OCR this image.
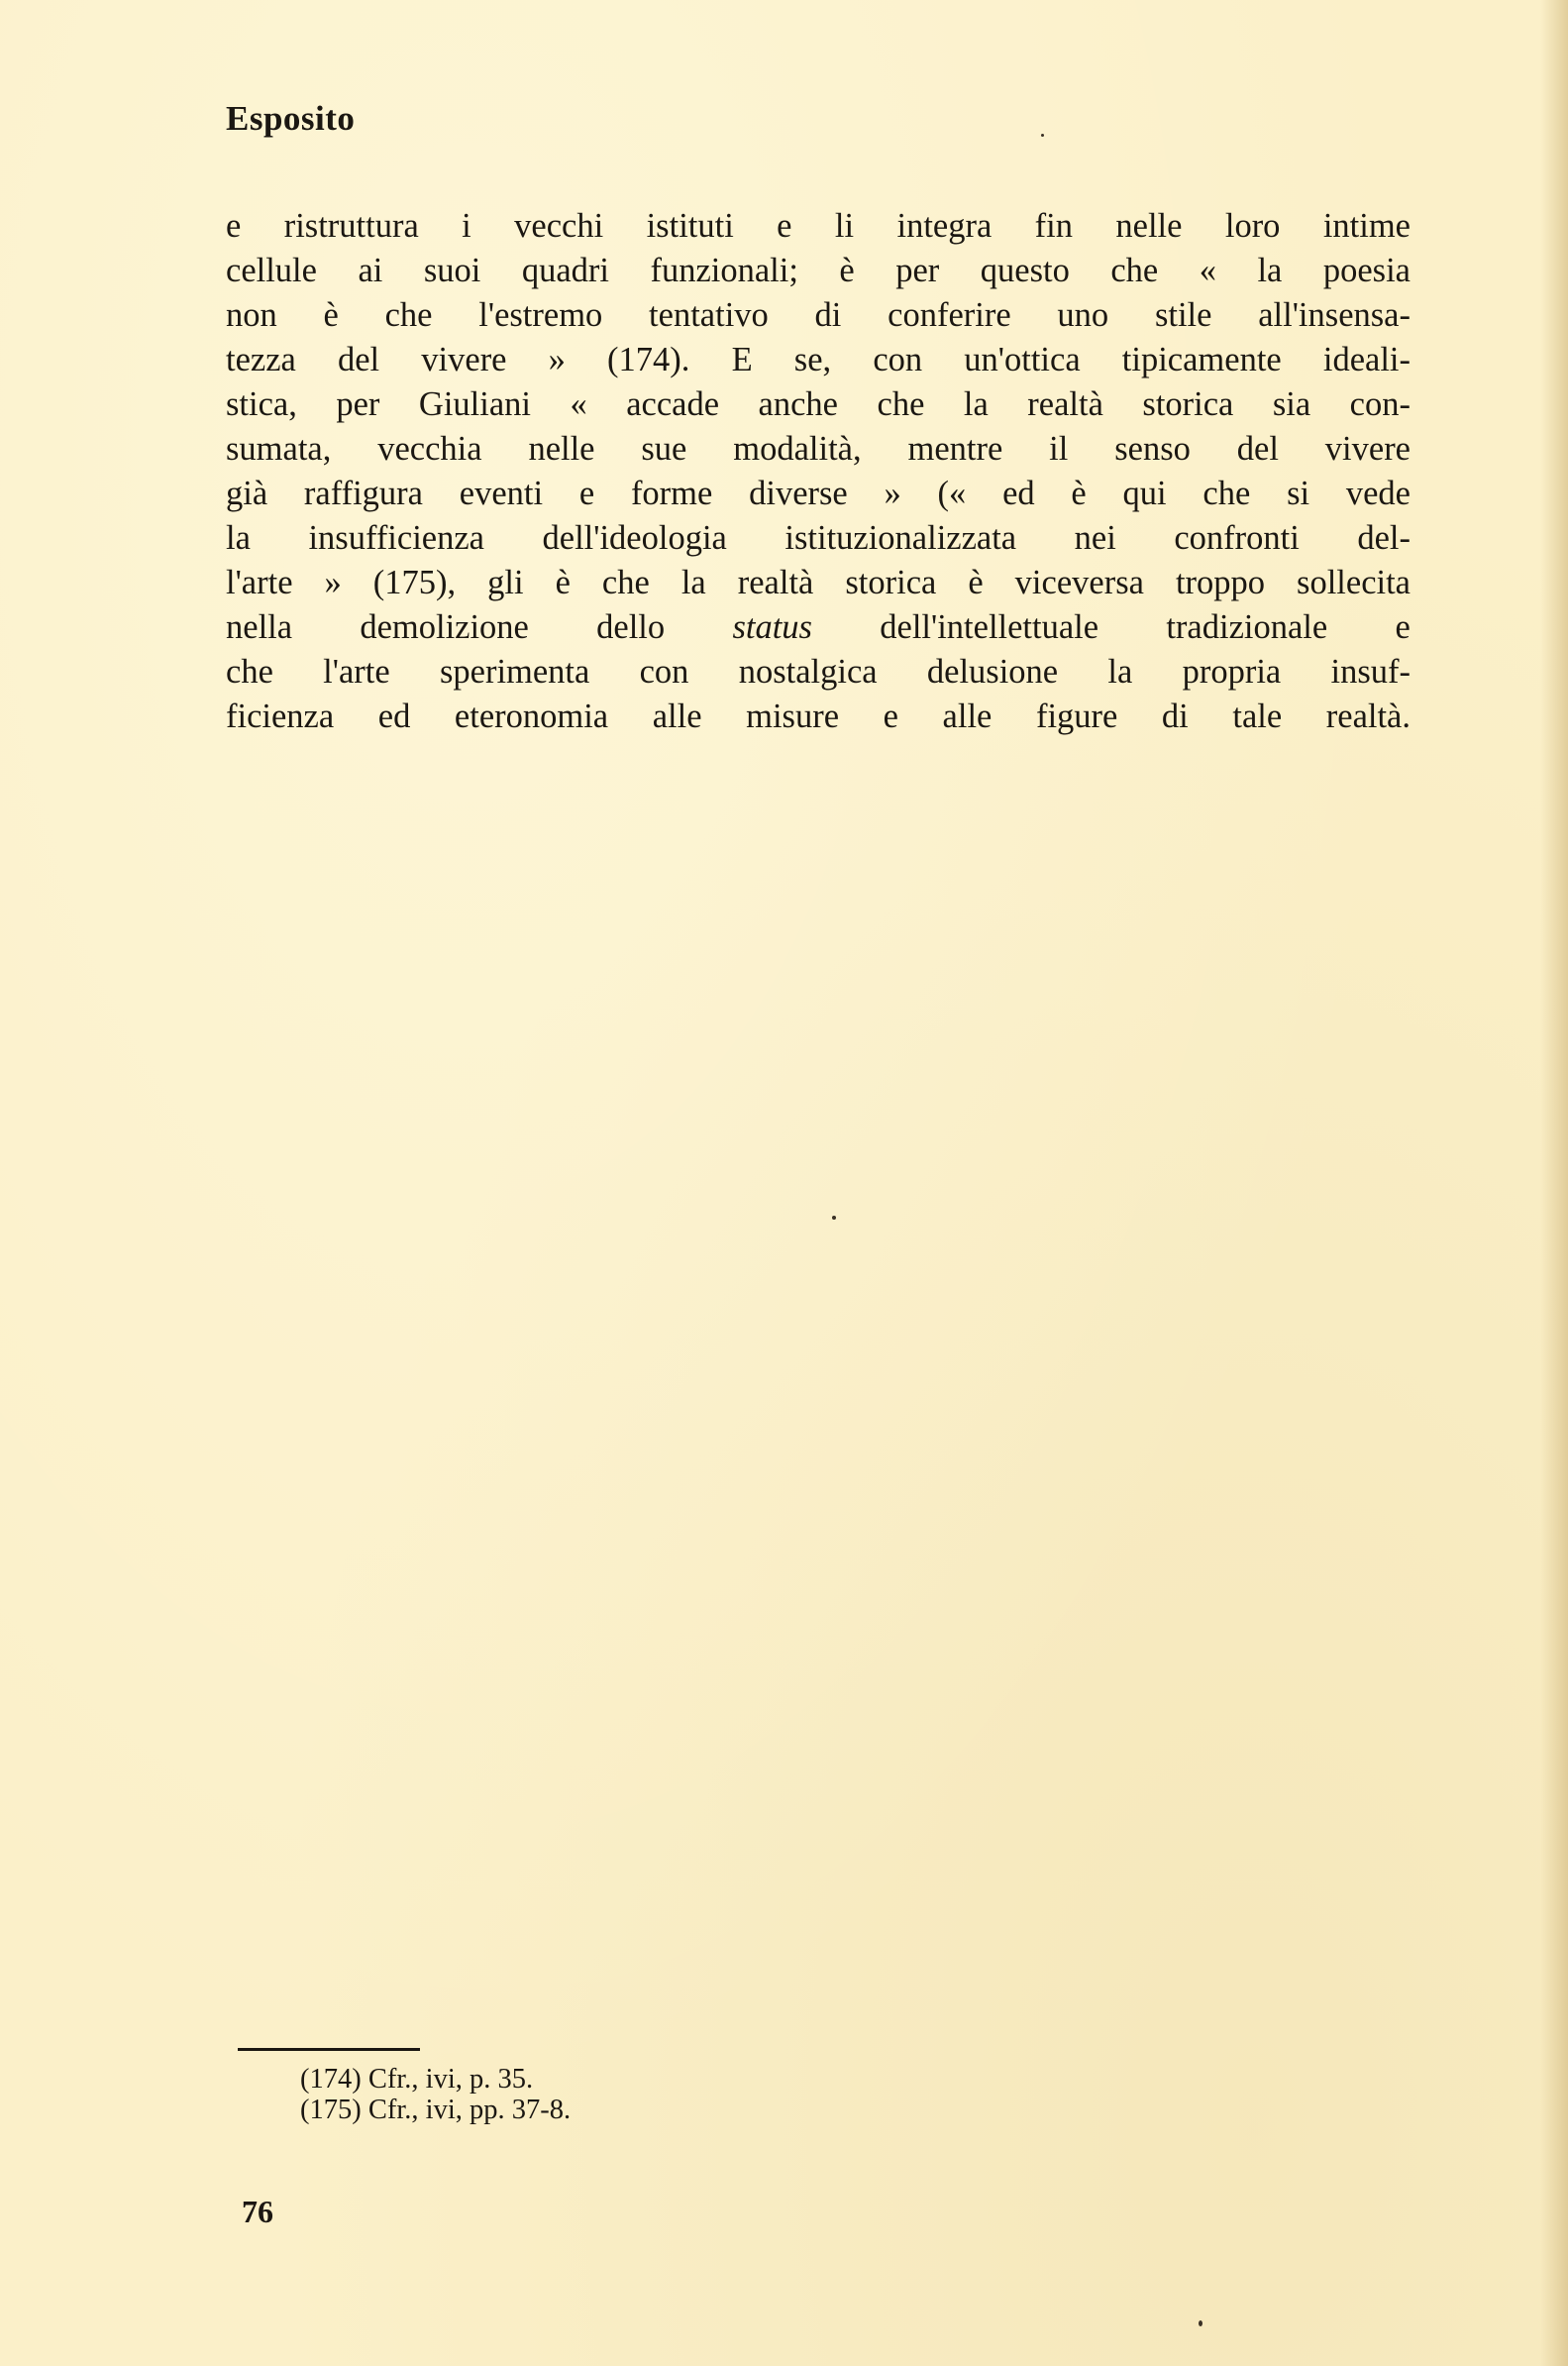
Esposito
e ristruttura i vecchi istituti e li integra fin nelle loro intime
cellule ai suoi quadri funzionali; è per questo che « la poesia
non è che l'estremo tentativo di conferire uno stile all'insensa-
tezza del vivere » (174). E se, con un'ottica tipicamente ideali-
stica, per Giuliani « accade anche che la realtà storica sia con-
sumata, vecchia nelle sue modalità, mentre il senso del vivere
già raffigura eventi e forme diverse » (« ed è qui che si vede
la insufficienza dell'ideologia istituzionalizzata nei confronti del-
l'arte » (175), gli è che la realtà storica è viceversa troppo sollecita
nella demolizione dello status dell'intellettuale tradizionale e
che l'arte sperimenta con nostalgica delusione la propria insuf-
ficienza ed eteronomia alle misure e alle figure di tale realtà.
(174) Cfr., ivi, p. 35.
(175) Cfr., ivi, pp. 37-8.
76
